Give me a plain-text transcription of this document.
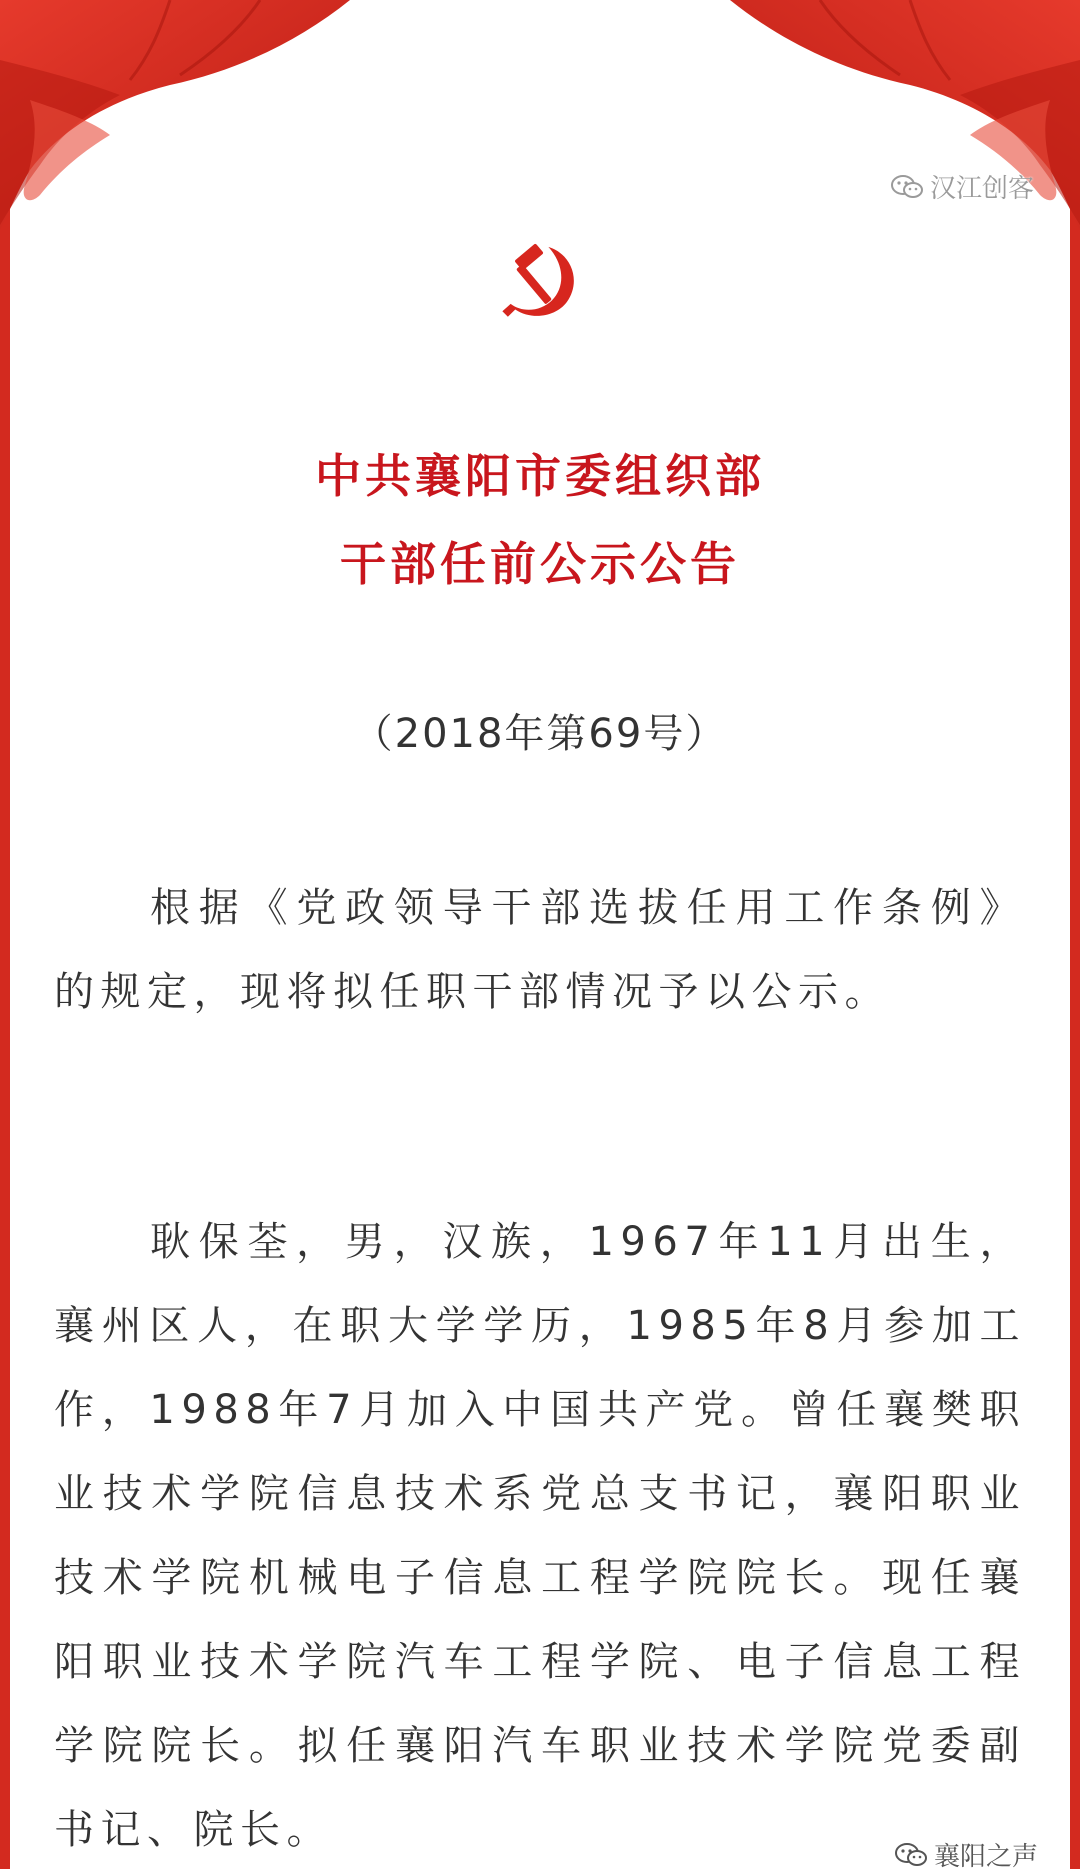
汉江创客
中共襄阳市委组织部
干部任前公示公告
（2018年第69号）

根据《党政领导干部选拔任用工作条例》的规定，现将拟任职干部情况予以公示。

耿保荃，男，汉族，1967年11月出生，襄州区人，在职大学学历，1985年8月参加工作，1988年7月加入中国共产党。曾任襄樊职业技术学院信息技术系党总支书记，襄阳职业技术学院机械电子信息工程学院院长。现任襄阳职业技术学院汽车工程学院、电子信息工程学院院长。拟任襄阳汽车职业技术学院党委副书记、院长。

襄阳之声
